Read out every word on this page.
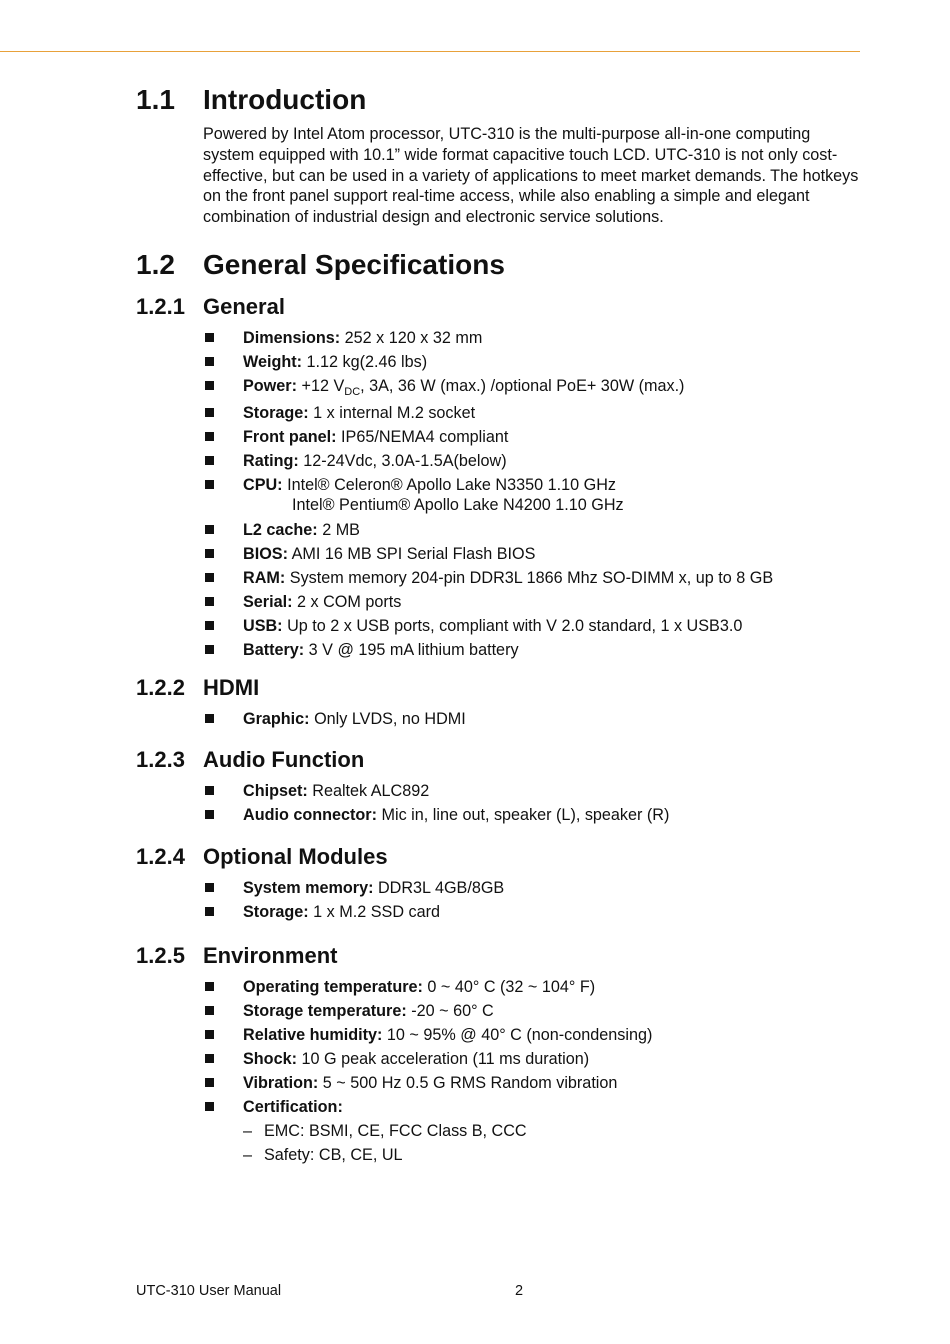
1.1 Introduction

Powered by Intel Atom processor, UTC-310 is the multi-purpose all-in-one computing system equipped with 10.1” wide format capacitive touch LCD. UTC-310 is not only cost-effective, but can be used in a variety of applications to meet market demands. The hotkeys on the front panel support real-time access, while also enabling a simple and elegant combination of industrial design and electronic service solutions.

1.2 General Specifications
1.2.1 General
Dimensions: 252 x 120 x 32 mm
Weight: 1.12 kg(2.46 lbs)
Power: +12 $V_{DC}$, 3A, 36 W (max.) /optional PoE+ 30W (max.)
Storage: 1 x internal M.2 socket
Front panel: IP65/NEMA4 compliant
Rating: 12-24Vdc, 3.0A-1.5A(below)
CPU: Intel® Celeron® Apollo Lake N3350 1.10 GHz
Intel® Pentium® Apollo Lake N4200 1.10 GHz
L2 cache: 2 MB
BIOS: AMI 16 MB SPI Serial Flash BIOS
RAM: System memory 204-pin DDR3L 1866 Mhz SO-DIMM x, up to 8 GB
Serial: 2 x COM ports
USB: Up to 2 x USB ports, compliant with V 2.0 standard, 1 x USB3.0
Battery: 3 V @ 195 mA lithium battery
1.2.2 HDMI
Graphic: Only LVDS, no HDMI
1.2.3 Audio Function
Chipset: Realtek ALC892
Audio connector: Mic in, line out, speaker (L), speaker (R)
1.2.4 Optional Modules
System memory: DDR3L 4GB/8GB
Storage: 1 x M.2 SSD card
1.2.5 Environment
Operating temperature: 0 ~ 40° C (32 ~ 104° F)
Storage temperature: -20 ~ 60° C
Relative humidity: 10 ~ 95% @ 40° C (non-condensing)
Shock: 10 G peak acceleration (11 ms duration)
Vibration: 5 ~ 500 Hz 0.5 G RMS Random vibration
Certification:
– EMC: BSMI, CE, FCC Class B, CCC
– Safety: CB, CE, UL
UTC-310 User Manual	2
